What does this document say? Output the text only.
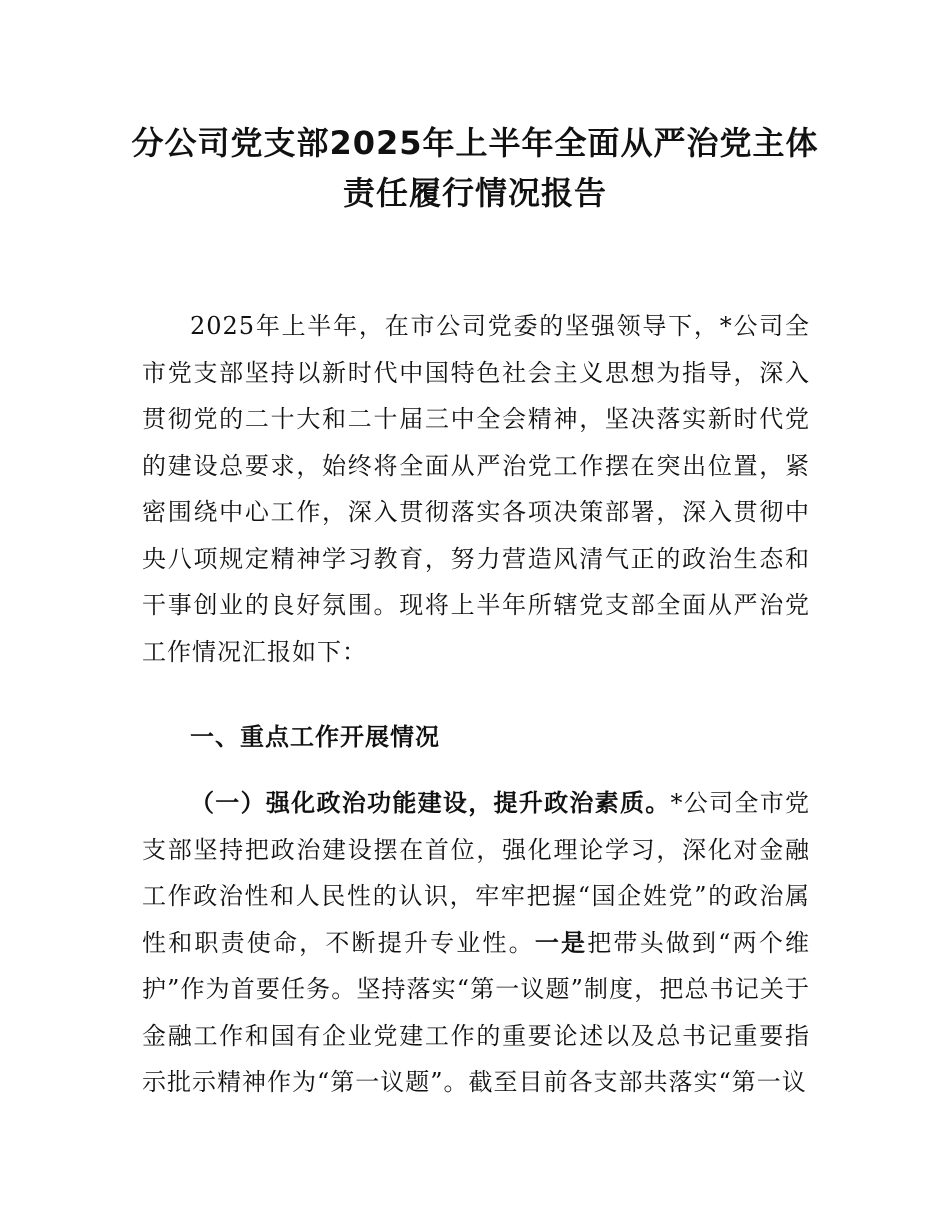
分公司党支部2025年上半年全面从严治党主体责任履行情况报告
2025年上半年，在市公司党委的坚强领导下，*公司全市党支部坚持以新时代中国特色社会主义思想为指导，深入贯彻党的二十大和二十届三中全会精神，坚决落实新时代党的建设总要求，始终将全面从严治党工作摆在突出位置，紧密围绕中心工作，深入贯彻落实各项决策部署，深入贯彻中央八项规定精神学习教育，努力营造风清气正的政治生态和干事创业的良好氛围。现将上半年所辖党支部全面从严治党工作情况汇报如下：
一、重点工作开展情况
（一）强化政治功能建设，提升政治素质。*公司全市党支部坚持把政治建设摆在首位，强化理论学习，深化对金融工作政治性和人民性的认识，牢牢把握“国企姓党”的政治属性和职责使命，不断提升专业性。一是把带头做到“两个维护”作为首要任务。坚持落实“第一议题”制度，把总书记关于金融工作和国有企业党建工作的重要论述以及总书记重要指示批示精神作为“第一议题”。截至目前各支部共落实“第一议
